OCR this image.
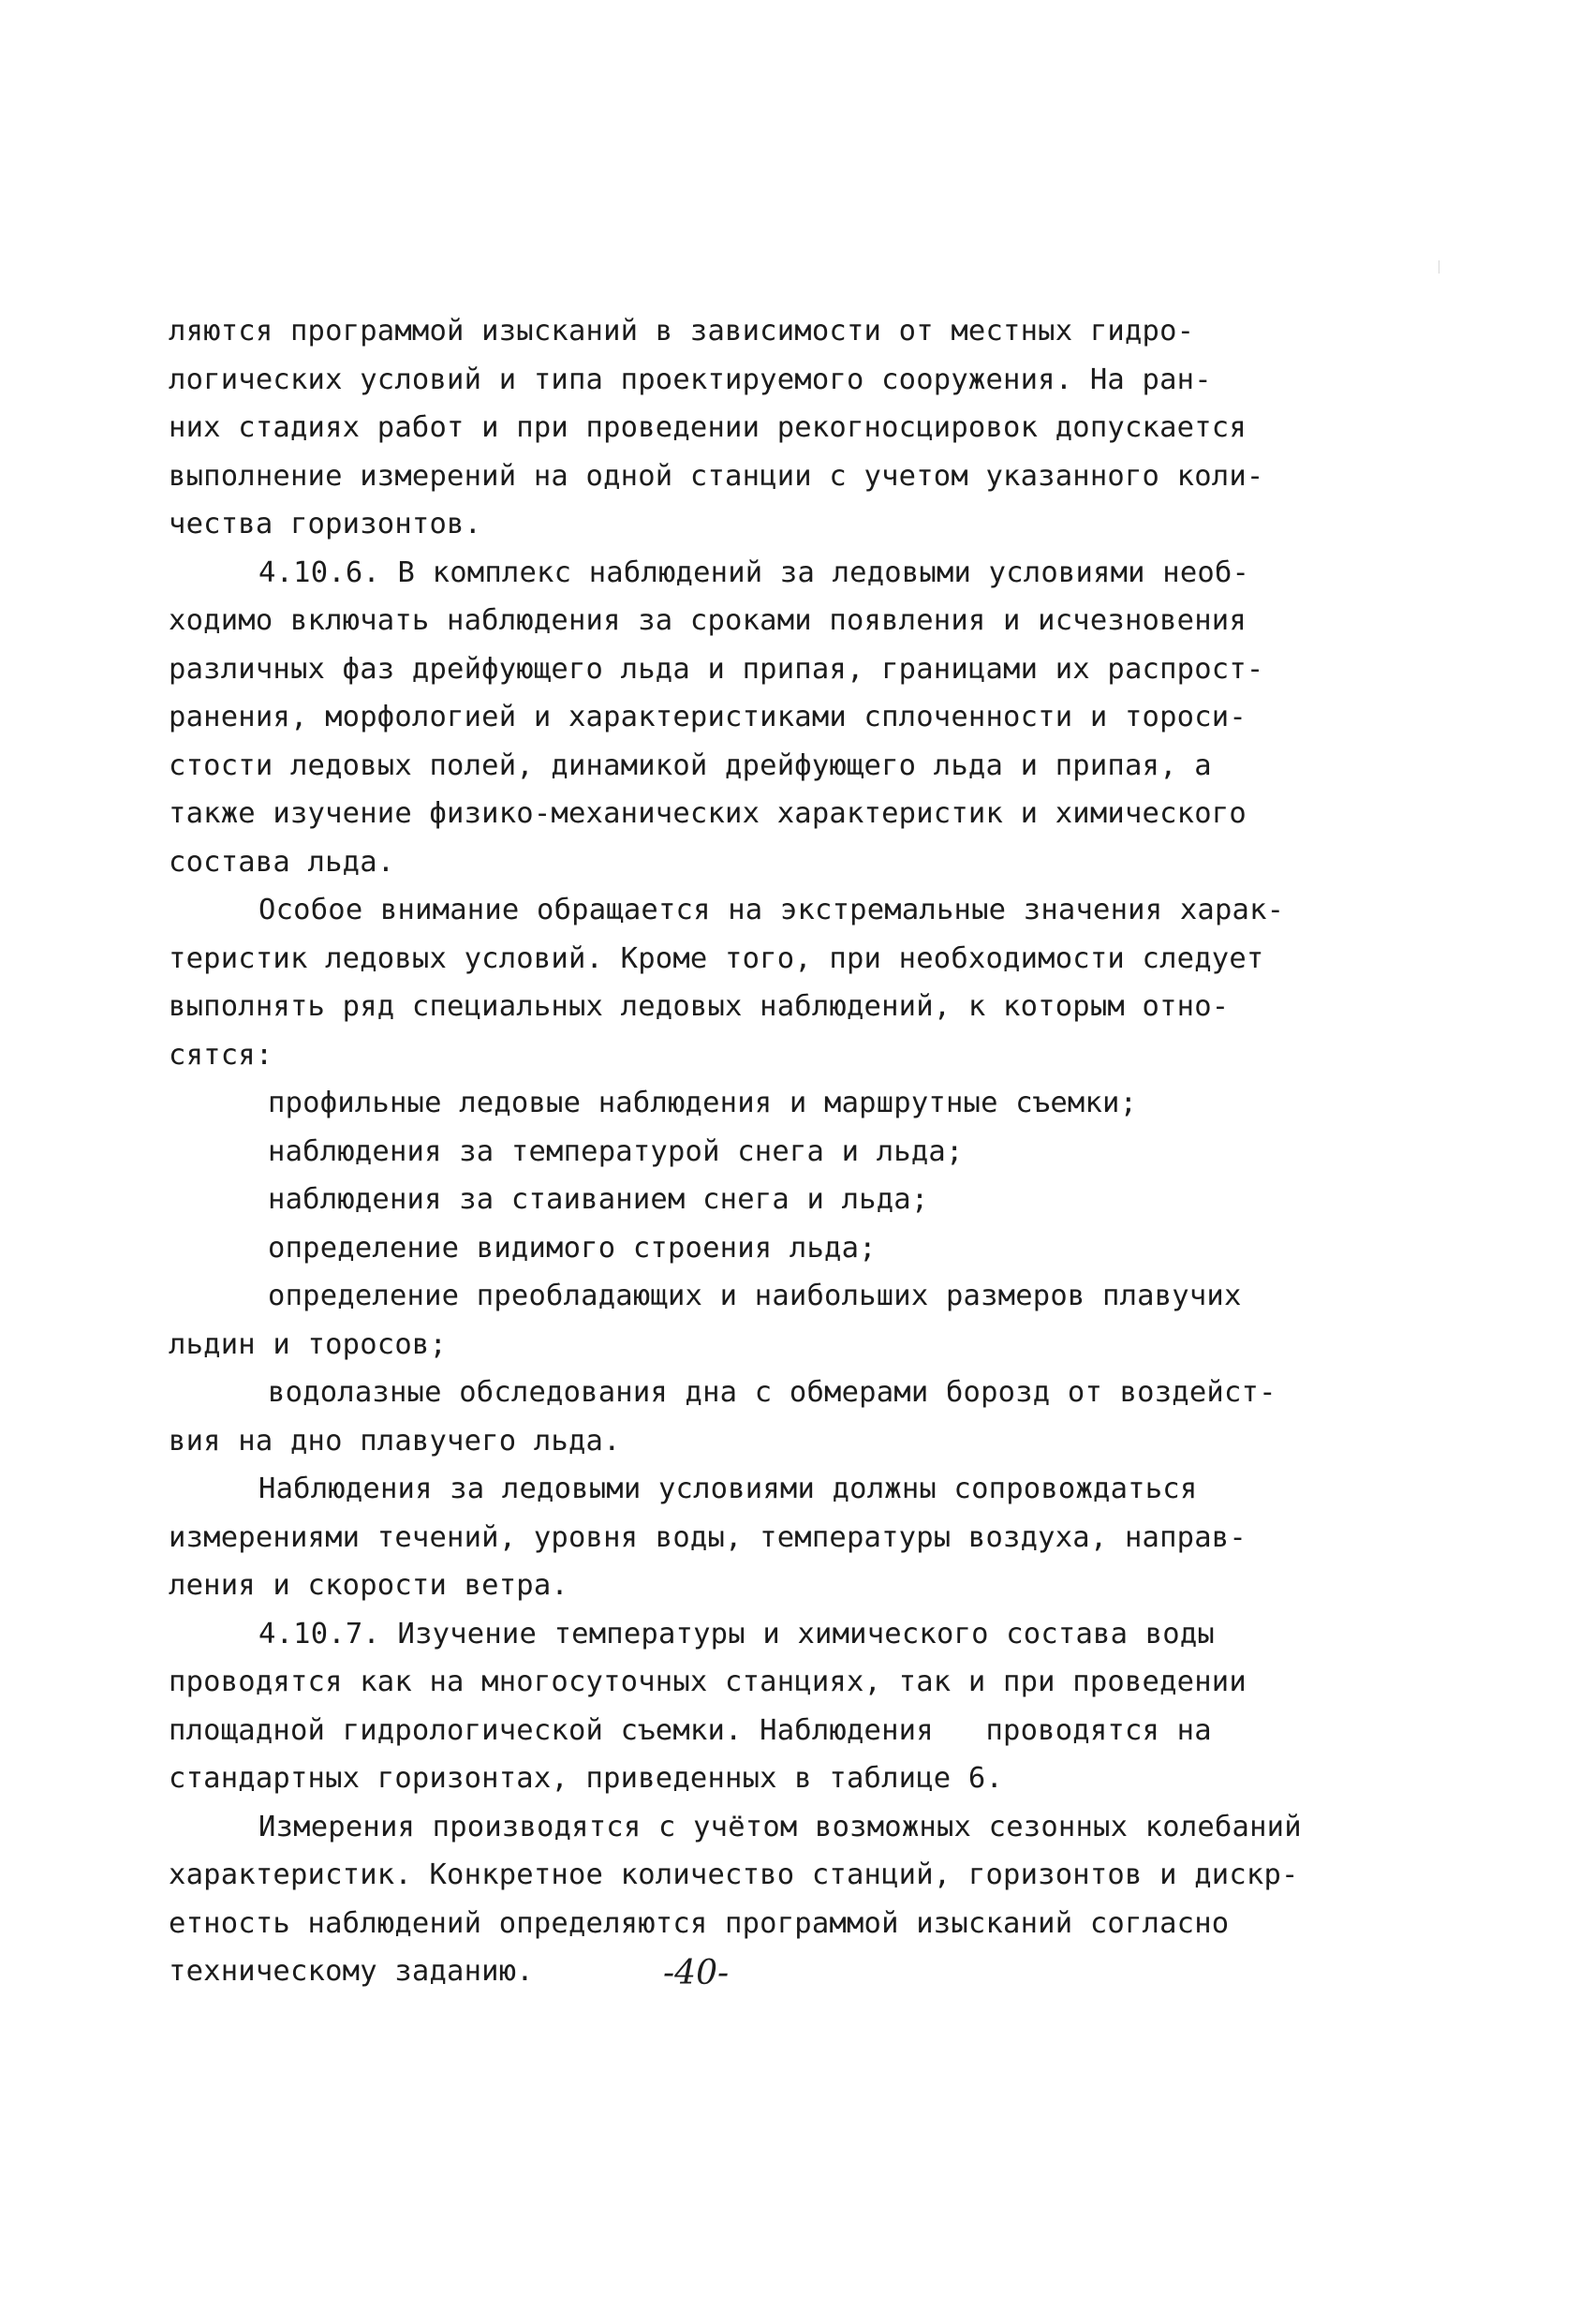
ляются программой изысканий в зависимости от местных гидро-
логических условий и типа проектируемого сооружения. На ран-
них стадиях работ и при проведении рекогносцировок допускается
выполнение измерений на одной станции с учетом указанного коли-
чества горизонтов.
4.10.6. В комплекс наблюдений за ледовыми условиями необ-
ходимо включать наблюдения за сроками появления и исчезновения
различных фаз дрейфующего льда и припая, границами их распрост-
ранения, морфологией и характеристиками сплоченности и тороси-
стости ледовых полей, динамикой дрейфующего льда и припая, а
также изучение физико-механических характеристик и химического
состава льда.
Особое внимание обращается на экстремальные значения харак-
теристик ледовых условий. Кроме того, при необходимости следует
выполнять ряд специальных ледовых наблюдений, к которым отно-
сятся:
профильные ледовые наблюдения и маршрутные съемки;
наблюдения за температурой снега и льда;
наблюдения за стаиванием снега и льда;
определение видимого строения льда;
определение преобладающих и наибольших размеров плавучих
льдин и торосов;
водолазные обследования дна с обмерами борозд от воздейст-
вия на дно плавучего льда.
Наблюдения за ледовыми условиями должны сопровождаться
измерениями течений, уровня воды, температуры воздуха, направ-
ления и скорости ветра.
4.10.7. Изучение температуры и химического состава воды
проводятся как на многосуточных станциях, так и при проведении
площадной гидрологической съемки. Наблюдения   проводятся на
стандартных горизонтах, приведенных в таблице 6.
Измерения производятся с учётом возможных сезонных колебаний
характеристик. Конкретное количество станций, горизонтов и дискр-
етность наблюдений определяются программой изысканий согласно
техническому заданию.	-40-
